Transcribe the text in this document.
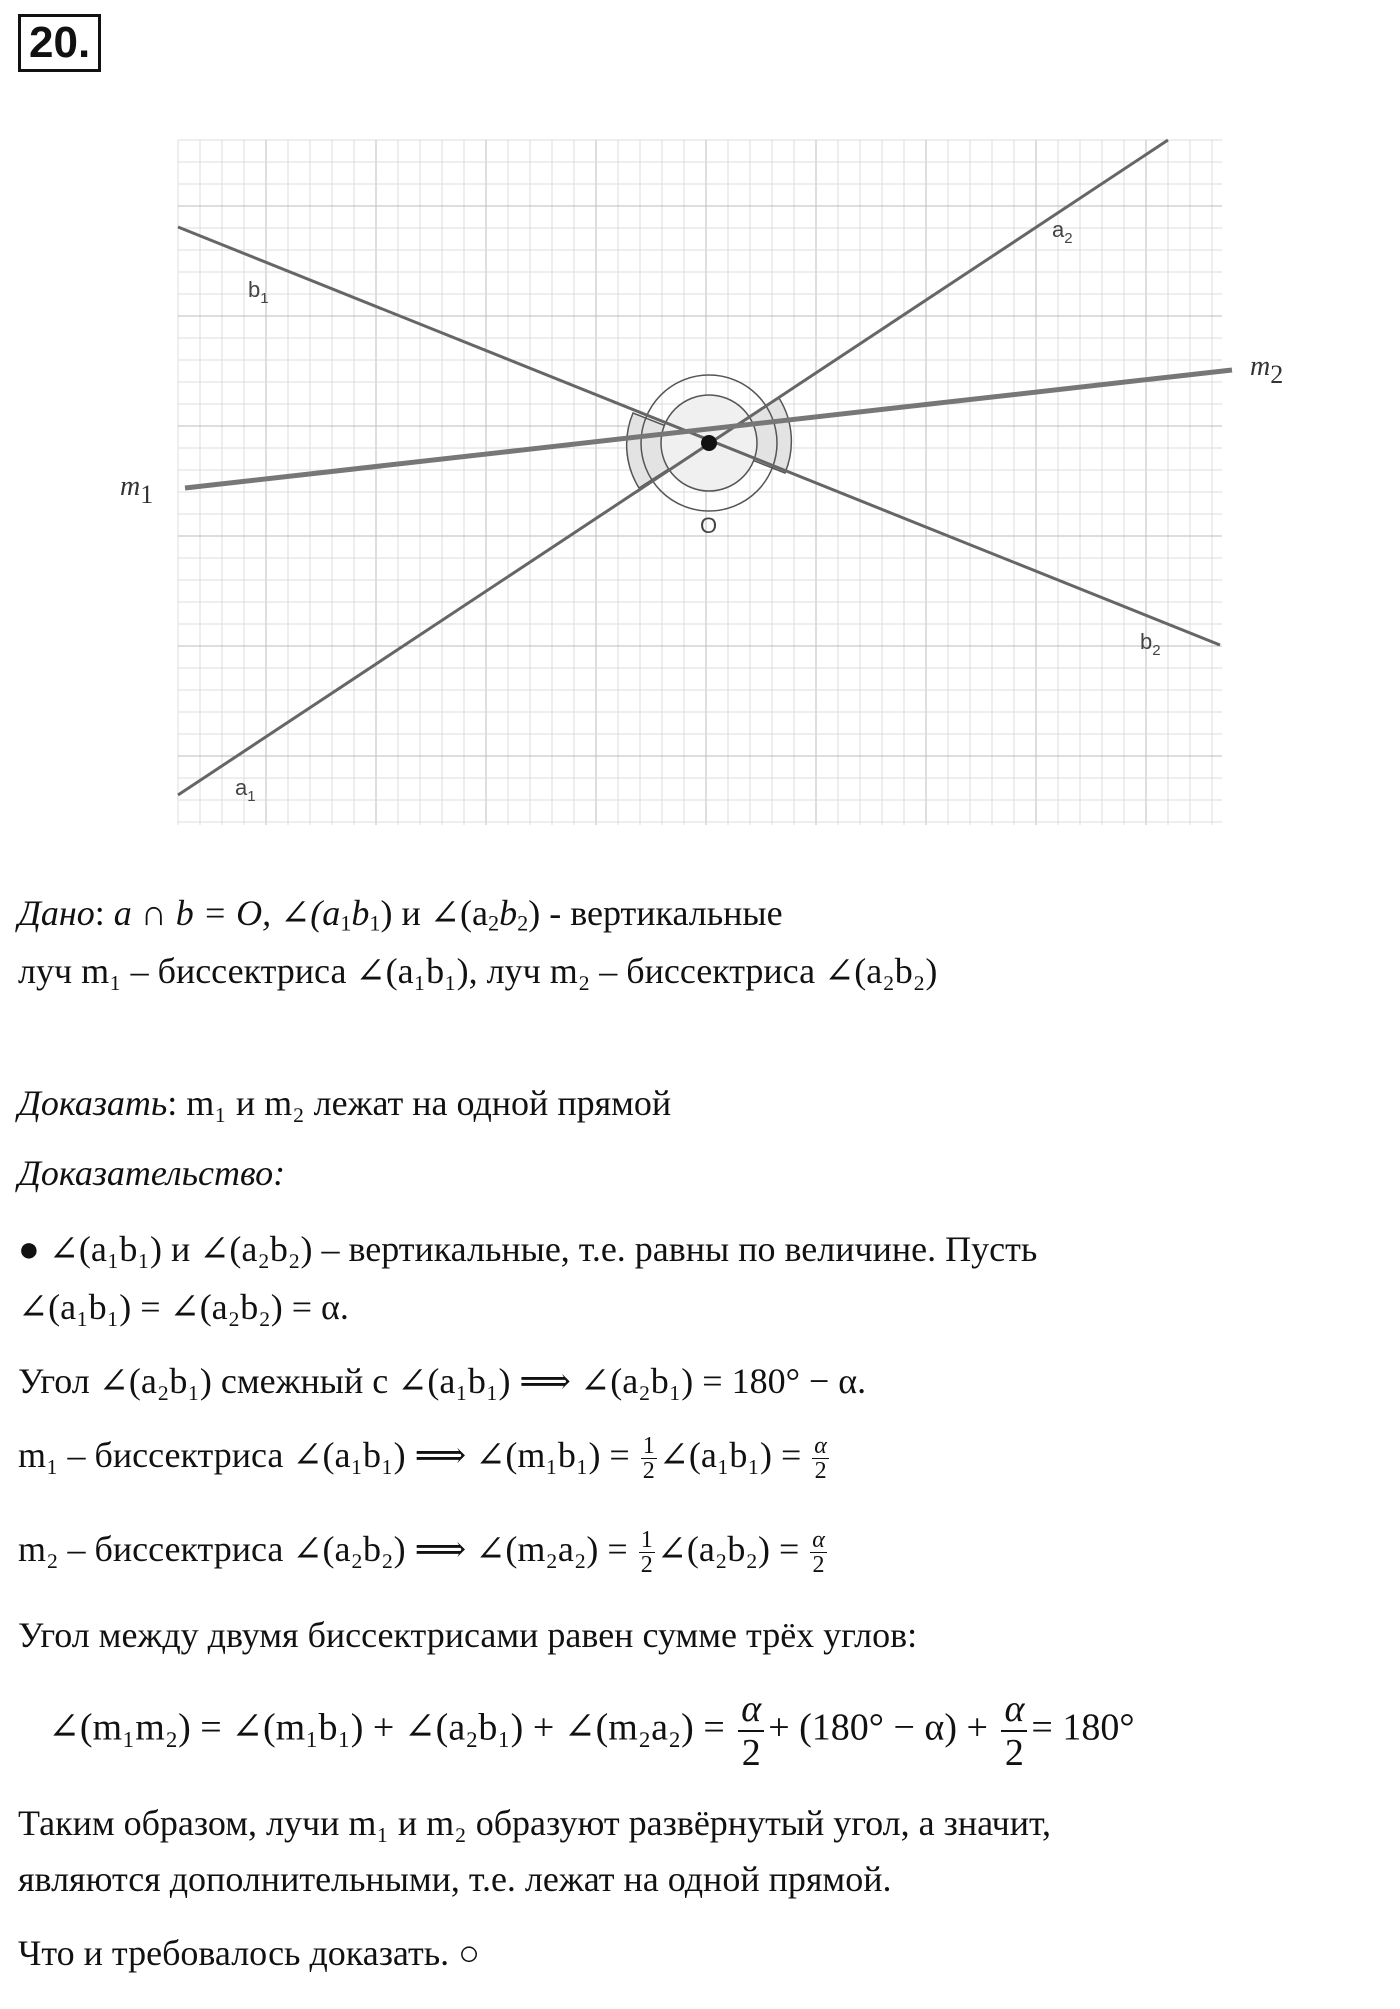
20.
$a_1$
$a_2$
$b_1$
$b_2$
O
m1
m2
Дано: a ∩ b = O, $\angle(a_1b_1)$ и $\angle(a_2b_2)$ - вертикальные
луч m₁ – биссектриса ∠(a₁b₁), луч m₂ – биссектриса ∠(a₂b₂)
Доказать: m₁ и m₂ лежат на одной прямой
Доказательство:
● ∠(a₁b₁) и ∠(a₂b₂) – вертикальные, т.е. равны по величине. Пусть
∠(a₁b₁) = ∠(a₂b₂) = α.
Угол ∠(a₂b₁) смежный с ∠(a₁b₁) ⟹ ∠(a₂b₁) = 180° − α.
m₁ – биссектриса ∠(a₁b₁) ⟹ ∠(m₁b₁) = $\frac{1}{2}$ ∠(a₁b₁) = $\frac{\alpha}{2}$
m₂ – биссектриса ∠(a₂b₂) ⟹ ∠(m₂a₂) = $\frac{1}{2}$ ∠(a₂b₂) = $\frac{\alpha}{2}$
Угол между двумя биссектрисами равен сумме трёх углов:
∠(m₁m₂) = ∠(m₁b₁) + ∠(a₂b₁) + ∠(m₂a₂) = $\frac{\alpha}{2} + (180^\circ - \alpha) + \frac{\alpha}{2} = 180^\circ$
Таким образом, лучи m₁ и m₂ образуют развёрнутый угол, а значит,
являются дополнительными, т.е. лежат на одной прямой.
Что и требовалось доказать. ○
